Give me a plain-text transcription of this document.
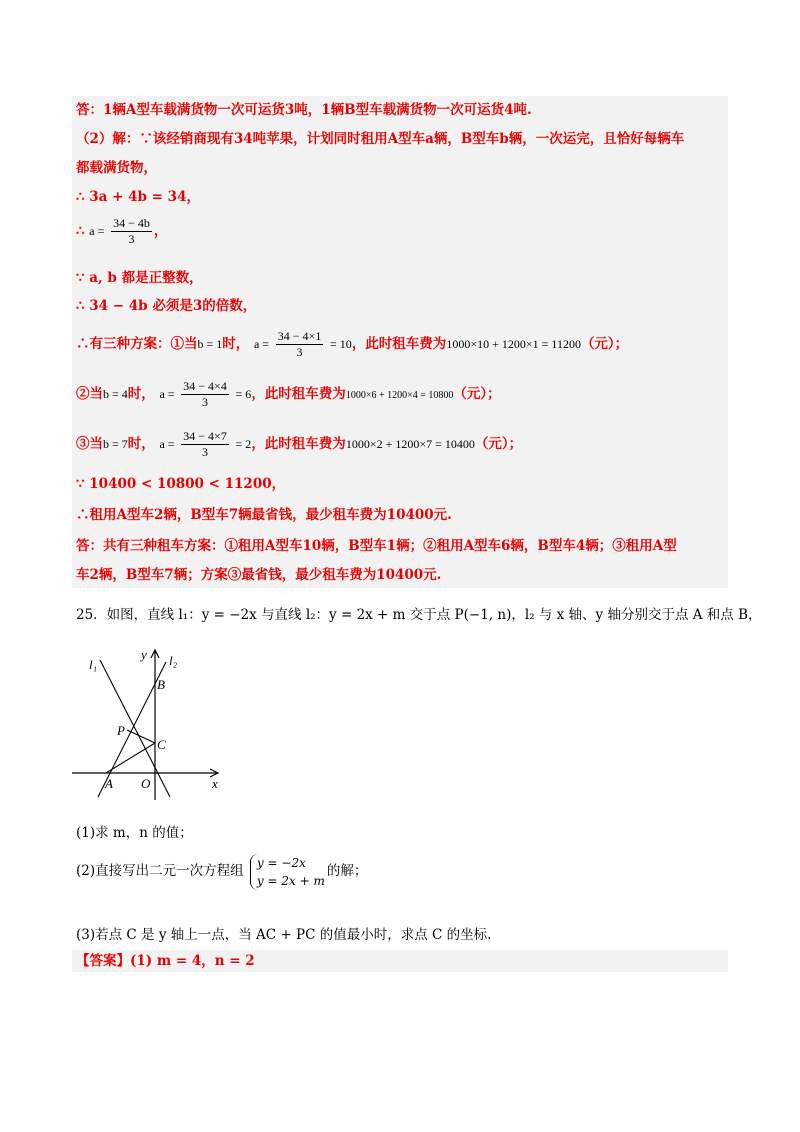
答：1辆A型车载满货物一次可运货3吨，1辆B型车载满货物一次可运货4吨.
（2）解：∵该经销商现有34吨苹果，计划同时租用A型车a辆，B型车b辆，一次运完，且恰好每辆车
都载满货物，
∴ 3a + 4b = 34，
∴ $a = \frac{34 - 4b}{3}$ ，
∵ a, b 都是正整数，
∴ 34 − 4b 必须是3的倍数，
∴有三种方案：①当b = 1时， $a = \frac{34 - 4\times 1}{3} = 10$，此时租车费为1000×10 + 1200×1 = 11200（元）；
②当b = 4时， $a = \frac{34 - 4\times 4}{3} = 6$，此时租车费为1000×6 + 1200×4 = 10800（元）；
③当b = 7时， $a = \frac{34 - 4\times 7}{3} = 2$，此时租车费为1000×2 + 1200×7 = 10400（元）；
∵ 10400 < 10800 < 11200，
∴租用A型车2辆，B型车7辆最省钱，最少租车费为10400元.
答：共有三种租车方案：①租用A型车10辆，B型车1辆；②租用A型车6辆，B型车4辆；③租用A型
车2辆，B型车7辆；方案③最省钱，最少租车费为10400元.
25．如图，直线 l₁：y = −2x 与直线 l₂：y = 2x + m 交于点 P(−1, n)，l₂ 与 x 轴、y 轴分别交于点 A 和点 B，
l₁	l₂
y
x
B
P
C
A O
(1)求 m，n 的值；
(2)直接写出二元一次方程组
y = −2x
y = 2x + m
的解；
(3)若点 C 是 y 轴上一点，当 AC + PC 的值最小时，求点 C 的坐标.
【答案】(1) m = 4，n = 2
